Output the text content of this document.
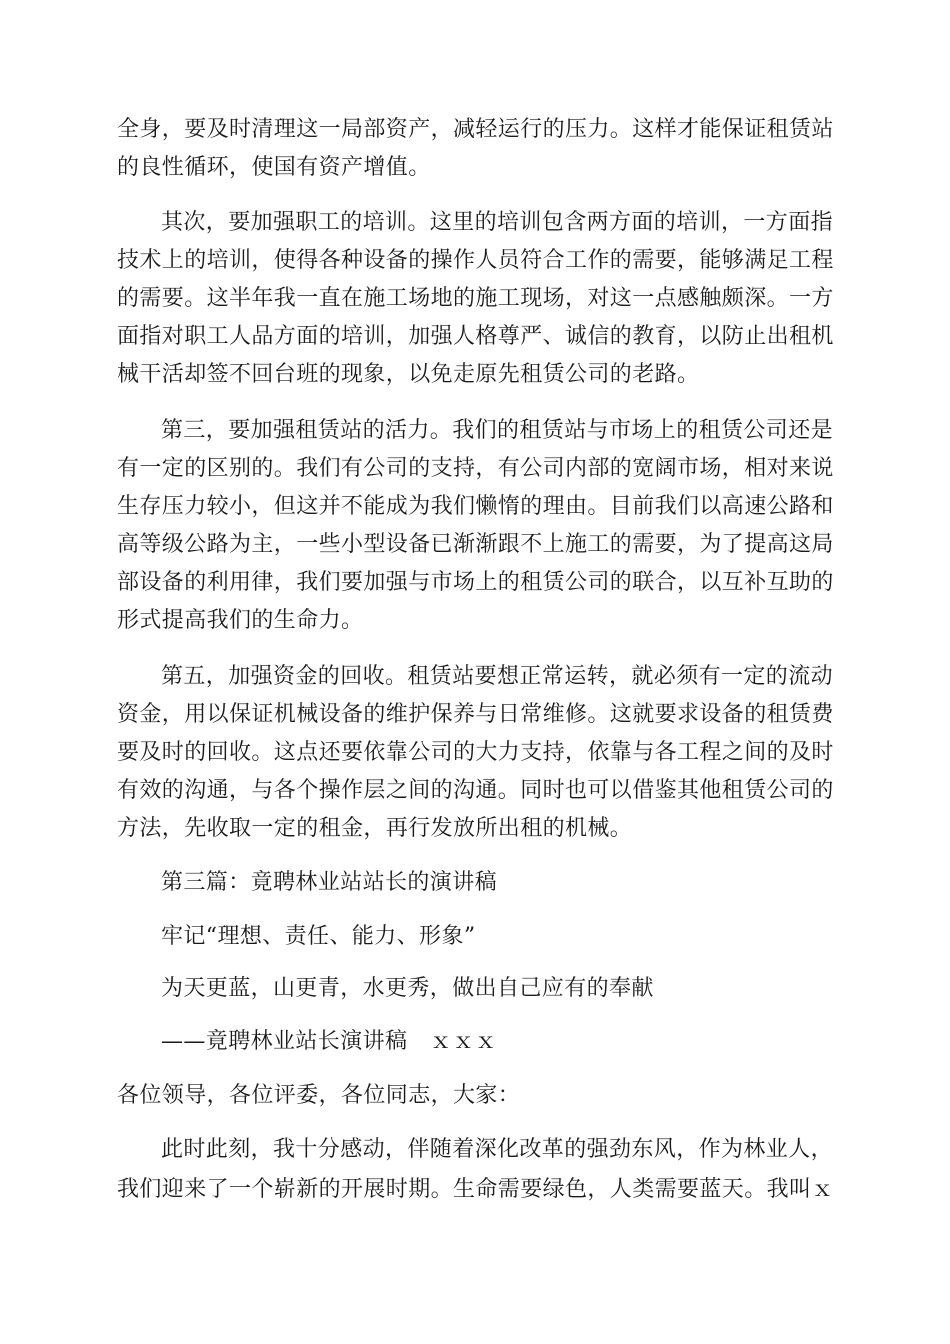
全身，要及时清理这一局部资产，减轻运行的压力。这样才能保证租赁站
的良性循环，使国有资产增值。
其次，要加强职工的培训。这里的培训包含两方面的培训，一方面指
技术上的培训，使得各种设备的操作人员符合工作的需要，能够满足工程
的需要。这半年我一直在施工场地的施工现场，对这一点感触颇深。一方
面指对职工人品方面的培训，加强人格尊严、诚信的教育，以防止出租机
械干活却签不回台班的现象，以免走原先租赁公司的老路。
第三，要加强租赁站的活力。我们的租赁站与市场上的租赁公司还是
有一定的区别的。我们有公司的支持，有公司内部的宽阔市场，相对来说
生存压力较小，但这并不能成为我们懒惰的理由。目前我们以高速公路和
高等级公路为主，一些小型设备已渐渐跟不上施工的需要，为了提高这局
部设备的利用律，我们要加强与市场上的租赁公司的联合，以互补互助的
形式提高我们的生命力。
第五，加强资金的回收。租赁站要想正常运转，就必须有一定的流动
资金，用以保证机械设备的维护保养与日常维修。这就要求设备的租赁费
要及时的回收。这点还要依靠公司的大力支持，依靠与各工程之间的及时
有效的沟通，与各个操作层之间的沟通。同时也可以借鉴其他租赁公司的
方法，先收取一定的租金，再行发放所出租的机械。
第三篇：竟聘林业站站长的演讲稿
牢记“理想、责任、能力、形象”
为天更蓝，山更青，水更秀，做出自己应有的奉献
——竟聘林业站长演讲稿　ｘｘｘ
各位领导，各位评委，各位同志，大家：
此时此刻，我十分感动，伴随着深化改革的强劲东风，作为林业人，
我们迎来了一个崭新的开展时期。生命需要绿色，人类需要蓝天。我叫ｘ
